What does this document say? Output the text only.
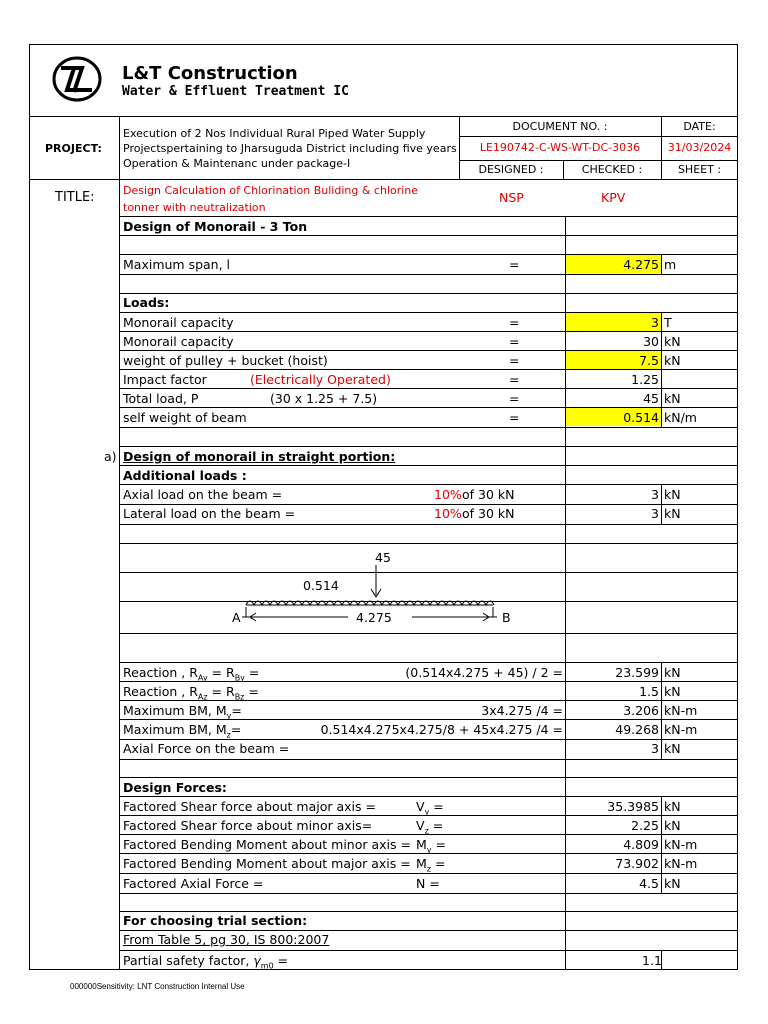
L&T Construction
Water & Effluent Treatment IC
PROJECT:
Execution of 2 Nos Individual Rural Piped Water Supply
Projectspertaining to Jharsuguda District including five years
Operation & Maintenanc under package-I
DOCUMENT NO. :	DATE:
LE190742-C-WS-WT-DC-3036	31/03/2024
DESIGNED :	CHECKED :	SHEET :
TITLE:	Design Calculation of Chlorination Buliding & chlorine
tonner with neutralization
NSP	KPV
Design of Monorail - 3 Ton
Maximum span, l	=	4.275 m
Loads:
Monorail capacity	=	3 T
Monorail capacity	=	30 kN
weight of pulley + bucket (hoist)	=	7.5 kN
Impact factor	(Electrically Operated)	=	1.25
Total load, P	(30 x 1.25 + 7.5)	=	45 kN
self weight of beam	=	0.514 kN/m
a) Design of monorail in straight portion:
Additional loads :
Axial load on the beam =	10% of 30 kN	3 kN
Lateral load on the beam =	10% of 30 kN	3 kN
45
0.514
A	4.275	B
Reaction , $R_{Ay} = R_{By}$ =	(0.514x4.275 + 45) / 2 =	23.599 kN
Reaction , $R_{Az} = R_{Bz}$ =	1.5 kN
Maximum BM, $M_y=$	3x4.275 /4 =	3.206 kN-m
Maximum BM, $M_z=$	0.514x4.275x4.275/8 + 45x4.275 /4 =	49.268 kN-m
Axial Force on the beam =	3 kN
Design Forces:
Factored Shear force about major axis =	$V_y$ =	35.3985 kN
Factored Shear force about minor axis=	$V_z$ =	2.25 kN
Factored Bending Moment about minor axis = $M_y$ =	4.809 kN-m
Factored Bending Moment about major axis = $M_z$ =	73.902 kN-m
Factored Axial Force =	N =	4.5 kN
For choosing trial section:
From Table 5, pg 30, IS 800:2007
Partial safety factor, $\gamma_{m0}$ =	1.1
000000Sensitivity: LNT Construction Internal Use
